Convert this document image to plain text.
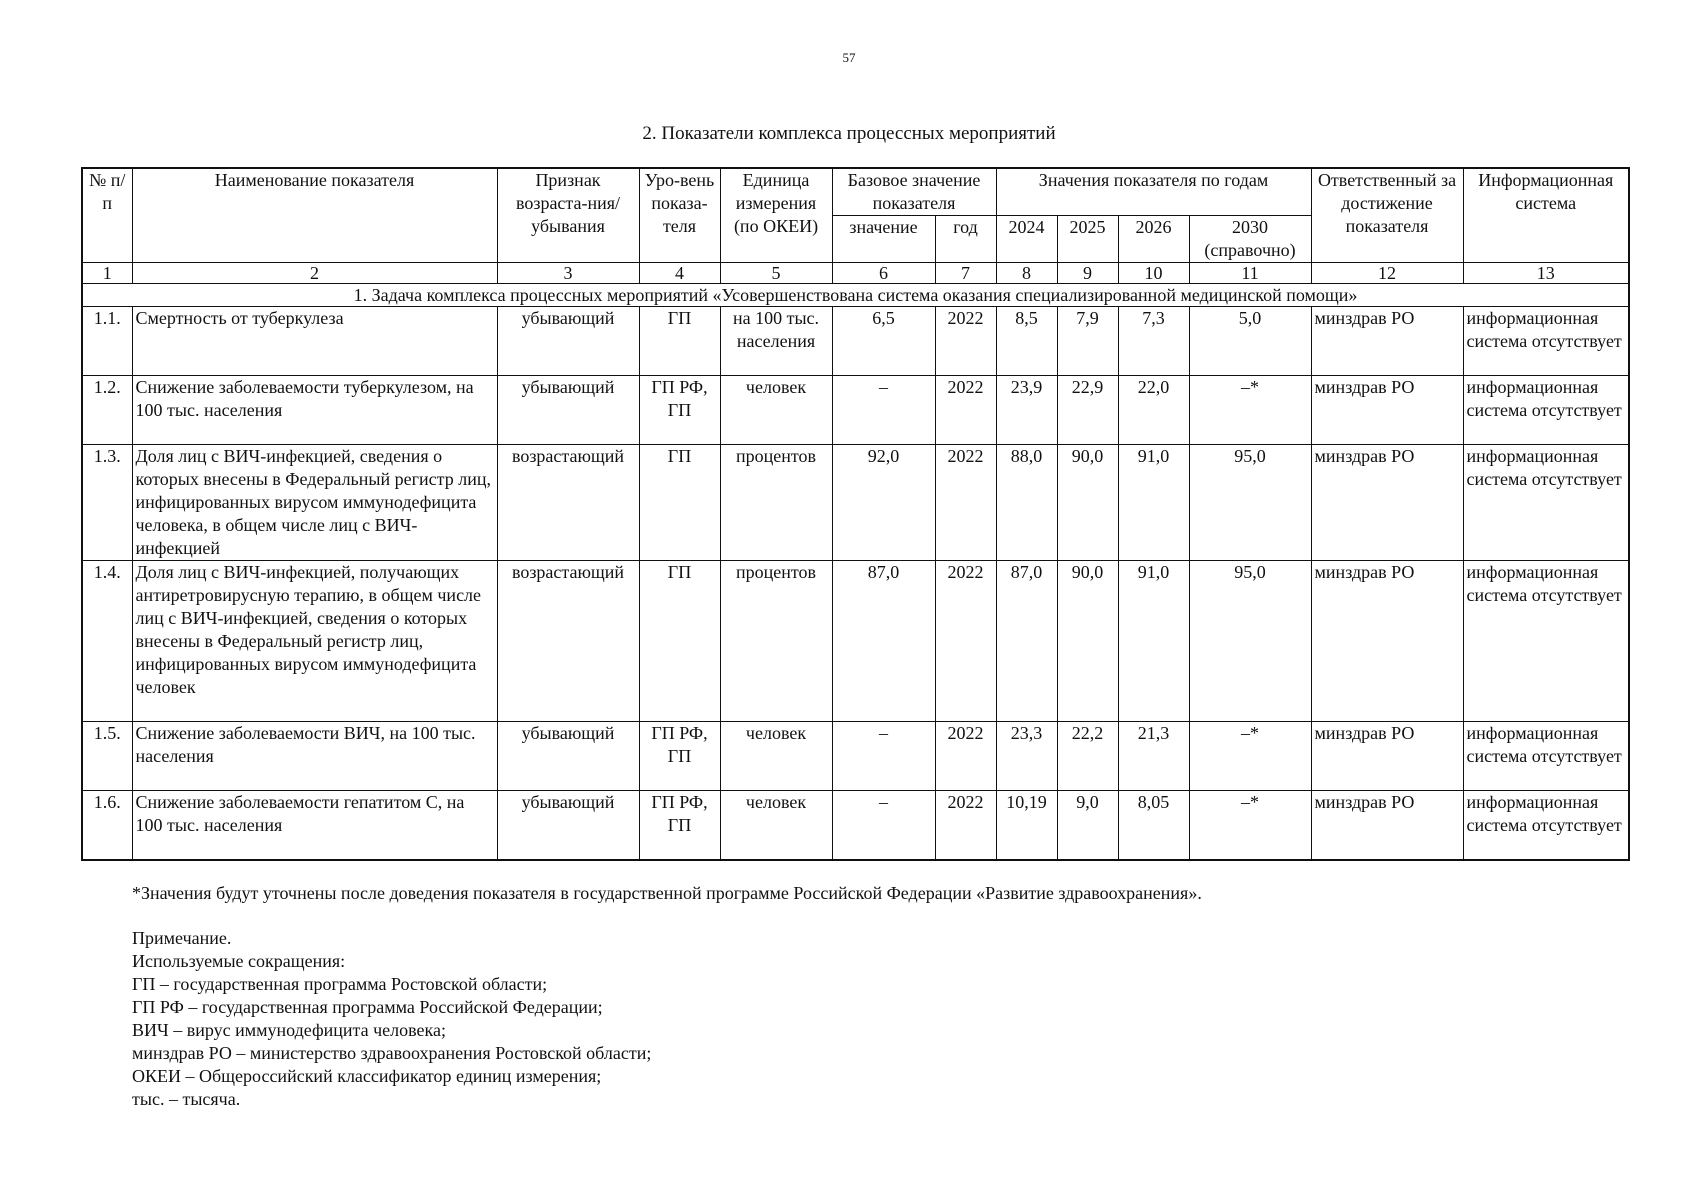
57
2. Показатели комплекса процессных мероприятий
№ п/п	Наименование показателя	Признак возраста-ния/убывания	Уро-вень показа-теля	Единица измерения (по ОКЕИ)	Базовое значение показателя		Значения показателя по годам				Ответственный за достижение показателя	Информационная система
					значение	год	2024	2025	2026	2030 (справочно)		
1	2	3	4	5	6	7	8	9	10	11	12	13
1. Задача комплекса процессных мероприятий «Усовершенствована система оказания специализированной медицинской помощи»												
1.1.	Смертность от туберкулеза	убывающий	ГП	на 100 тыс. населения	6,5	2022	8,5	7,9	7,3	5,0	минздрав РО	информационная система отсутствует
1.2.	Снижение заболеваемости туберкулезом, на 100 тыс. населения	убывающий	ГП РФ, ГП	человек	–	2022	23,9	22,9	22,0	–*	минздрав РО	информационная система отсутствует
1.3.	Доля лиц с ВИЧ-инфекцией, сведения о которых внесены в Федеральный регистр лиц, инфицированных вирусом иммунодефицита человека, в общем числе лиц с ВИЧ-инфекцией	возрастающий	ГП	процентов	92,0	2022	88,0	90,0	91,0	95,0	минздрав РО	информационная система отсутствует
1.4.	Доля лиц с ВИЧ-инфекцией, получающих антиретровирусную терапию, в общем числе лиц с ВИЧ-инфекцией, сведения о которых внесены в Федеральный регистр лиц, инфицированных вирусом иммунодефицита человек	возрастающий	ГП	процентов	87,0	2022	87,0	90,0	91,0	95,0	минздрав РО	информационная система отсутствует
1.5.	Снижение заболеваемости ВИЧ, на 100 тыс. населения	убывающий	ГП РФ, ГП	человек	–	2022	23,3	22,2	21,3	–*	минздрав РО	информационная система отсутствует
1.6.	Снижение заболеваемости гепатитом С, на 100 тыс. населения	убывающий	ГП РФ, ГП	человек	–	2022	10,19	9,0	8,05	–*	минздрав РО	информационная система отсутствует
*Значения будут уточнены после доведения показателя в государственной программе Российской Федерации «Развитие здравоохранения».
Примечание.
Используемые сокращения:
ГП – государственная программа Ростовской области;
ГП РФ – государственная программа Российской Федерации;
ВИЧ – вирус иммунодефицита человека;
минздрав РО – министерство здравоохранения Ростовской области;
ОКЕИ – Общероссийский классификатор единиц измерения;
тыс. – тысяча.
